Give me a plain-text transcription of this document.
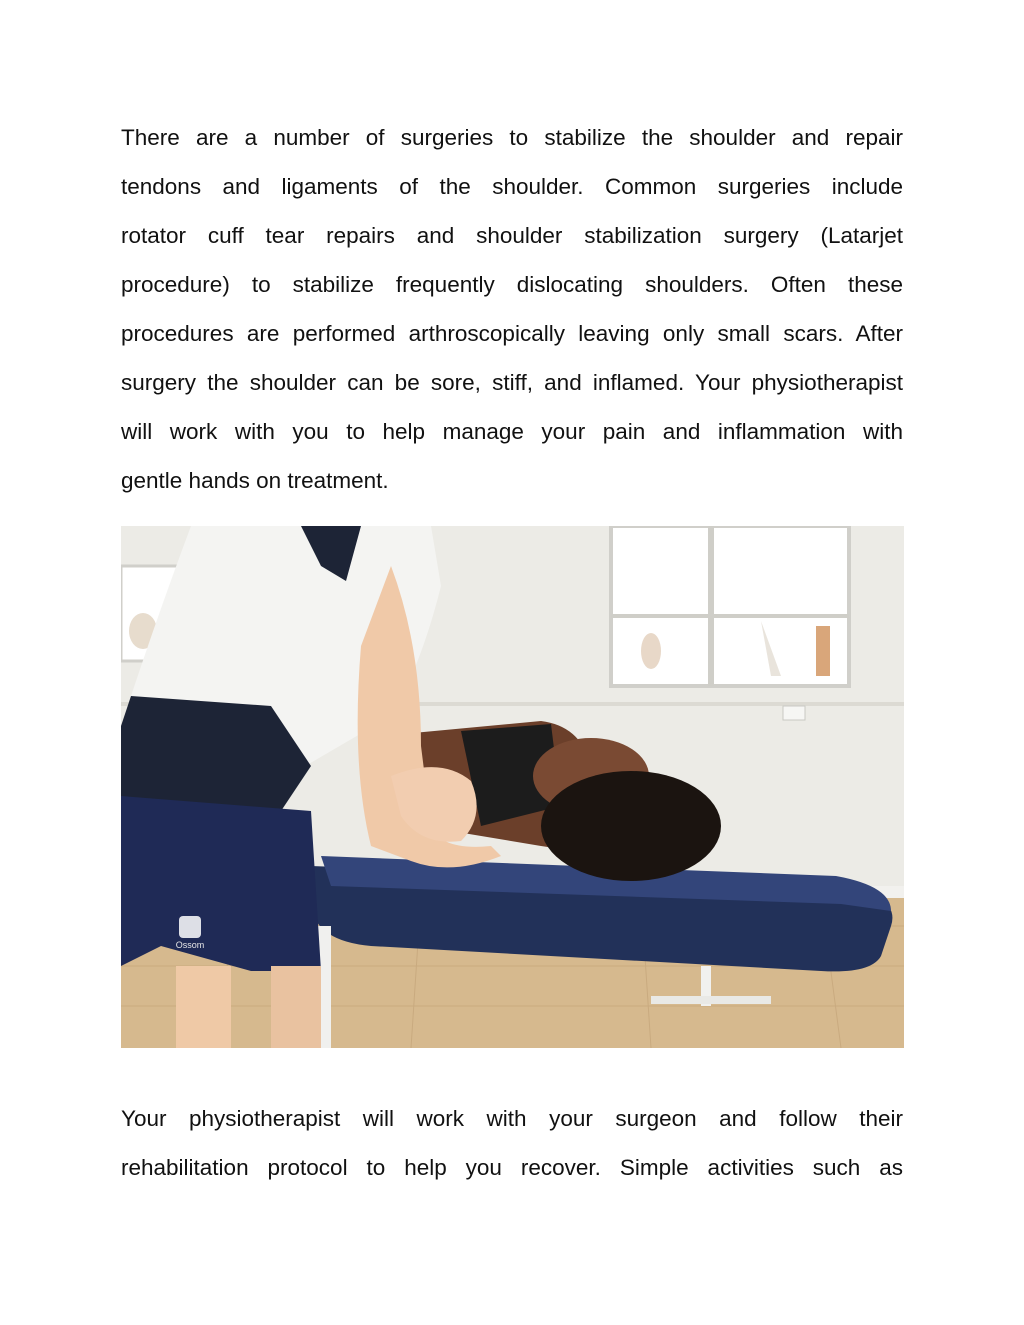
There are a number of surgeries to stabilize the shoulder and repair
tendons and ligaments of the shoulder. Common surgeries include
rotator cuff tear repairs and shoulder stabilization surgery (Latarjet
procedure) to stabilize frequently dislocating shoulders. Often these
procedures are performed arthroscopically leaving only small scars. After
surgery the shoulder can be sore, stiff, and inflamed. Your physiotherapist
will work with you to help manage your pain and inflammation with
gentle hands on treatment.

Ossom

Your physiotherapist will work with your surgeon and follow their
rehabilitation protocol to help you recover. Simple activities such as
